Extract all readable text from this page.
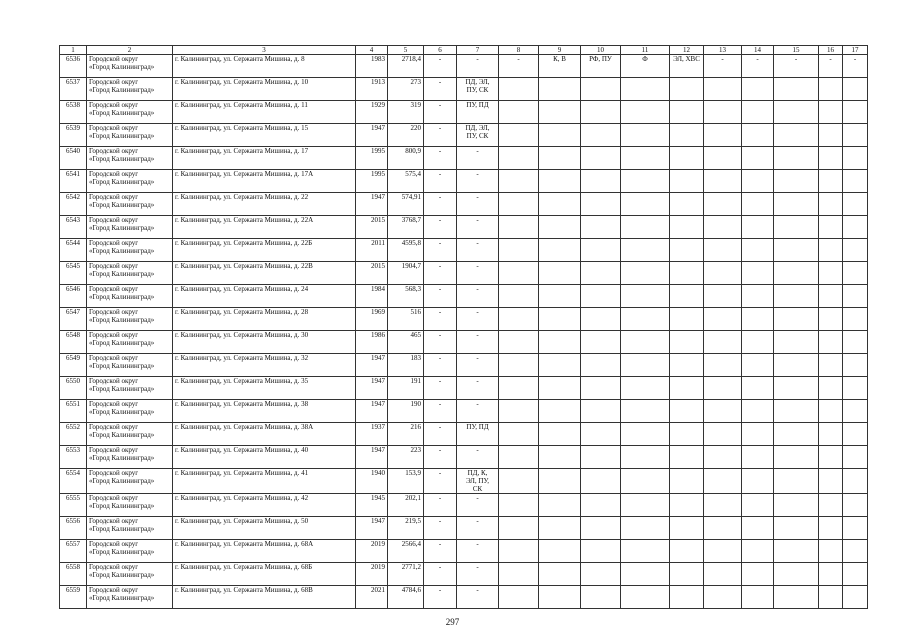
1	2	3	4	5	6	7	8	9	10	11	12	13	14	15	16	17
6536	Городской округ
«Город Калининград»	г. Калининград, ул. Сержанта Мишина, д. 8	1983	2718,4	-	-	-	К, В	РФ, ПУ	Ф	ЭЛ, ХВС	-	-	-	-	-
6537	Городской округ
«Город Калининград»	г. Калининград, ул. Сержанта Мишина, д. 10	1913	273	-	ПД, ЭЛ,
ПУ, СК										
6538	Городской округ
«Город Калининград»	г. Калининград, ул. Сержанта Мишина, д. 11	1929	319	-	ПУ, ПД										
6539	Городской округ
«Город Калининград»	г. Калининград, ул. Сержанта Мишина, д. 15	1947	220	-	ПД, ЭЛ,
ПУ, СК										
6540	Городской округ
«Город Калининград»	г. Калининград, ул. Сержанта Мишина, д. 17	1995	800,9	-	-										
6541	Городской округ
«Город Калининград»	г. Калининград, ул. Сержанта Мишина, д. 17А	1995	575,4	-	-										
6542	Городской округ
«Город Калининград»	г. Калининград, ул. Сержанта Мишина, д. 22	1947	574,91	-	-										
6543	Городской округ
«Город Калининград»	г. Калининград, ул. Сержанта Мишина, д. 22А	2015	3768,7	-	-										
6544	Городской округ
«Город Калининград»	г. Калининград, ул. Сержанта Мишина, д. 22Б	2011	4595,8	-	-										
6545	Городской округ
«Город Калининград»	г. Калининград, ул. Сержанта Мишина, д. 22В	2015	1904,7	-	-										
6546	Городской округ
«Город Калининград»	г. Калининград, ул. Сержанта Мишина, д. 24	1984	568,3	-	-										
6547	Городской округ
«Город Калининград»	г. Калининград, ул. Сержанта Мишина, д. 28	1969	516	-	-										
6548	Городской округ
«Город Калининград»	г. Калининград, ул. Сержанта Мишина, д. 30	1986	465	-	-										
6549	Городской округ
«Город Калининград»	г. Калининград, ул. Сержанта Мишина, д. 32	1947	183	-	-										
6550	Городской округ
«Город Калининград»	г. Калининград, ул. Сержанта Мишина, д. 35	1947	191	-	-										
6551	Городской округ
«Город Калининград»	г. Калининград, ул. Сержанта Мишина, д. 38	1947	190	-	-										
6552	Городской округ
«Город Калининград»	г. Калининград, ул. Сержанта Мишина, д. 38А	1937	216	-	ПУ, ПД										
6553	Городской округ
«Город Калининград»	г. Калининград, ул. Сержанта Мишина, д. 40	1947	223	-	-										
6554	Городской округ
«Город Калининград»	г. Калининград, ул. Сержанта Мишина, д. 41	1940	153,9	-	ПД, К,
ЭЛ, ПУ,
СК										
6555	Городской округ
«Город Калининград»	г. Калининград, ул. Сержанта Мишина, д. 42	1945	202,1	-	-										
6556	Городской округ
«Город Калининград»	г. Калининград, ул. Сержанта Мишина, д. 50	1947	219,5	-	-										
6557	Городской округ
«Город Калининград»	г. Калининград, ул. Сержанта Мишина, д. 68А	2019	2566,4	-	-										
6558	Городской округ
«Город Калининград»	г. Калининград, ул. Сержанта Мишина, д. 68Б	2019	2771,2	-	-										
6559	Городской округ
«Город Калининград»	г. Калининград, ул. Сержанта Мишина, д. 68В	2021	4784,6	-	-										
297
